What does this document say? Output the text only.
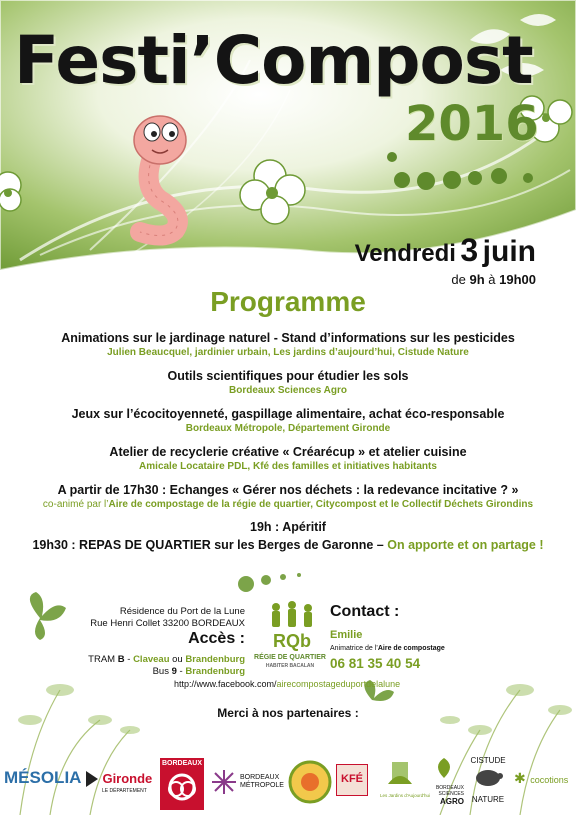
Festi’Compost
2016
Vendredi 3 juin
de 9h à 19h00
Programme
Animations sur le jardinage naturel - Stand d’informations sur les pesticides
Julien Beaucquel, jardinier urbain, Les jardins d’aujourd’hui, Cistude Nature
Outils scientifiques pour étudier les sols
Bordeaux Sciences Agro
Jeux sur l’écocitoyenneté, gaspillage alimentaire, achat éco-responsable
Bordeaux Métropole, Département Gironde
Atelier de recyclerie créative « Créarécup » et atelier cuisine
Amicale Locataire PDL, Kfé des familles et initiatives habitants
A partir de 17h30 : Echanges « Gérer nos déchets : la redevance incitative ? »
co-animé par l’Aire de compostage de la régie de quartier, Citycompost et le Collectif Déchets Girondins
19h : Apéritif
19h30 : REPAS DE QUARTIER sur les Berges de Garonne – On apporte et on partage !
Résidence du Port de la Lune
Rue Henri Collet 33200 BORDEAUX
Accès :
TRAM B - Claveau ou Brandenburg
Bus 9 - Brandenburg
http://www.facebook.com/airecompostageduportdelalune
RQb
RÉGIE DE QUARTIER
HABITER BACALAN
Contact :
Emilie
Animatrice de l’Aire de compostage
06 81 35 40 54
Merci à nos partenaires :
MÉSOLIA	Gironde
LE DÉPARTEMENT
BORDEAUX
BORDEAUX
MÉTROPOLE
KFÉ
Les Jardins d'Aujourd'hui
BORDEAUX
SCIENCES
AGRO
CISTUDE
NATURE
✱ cocotions
